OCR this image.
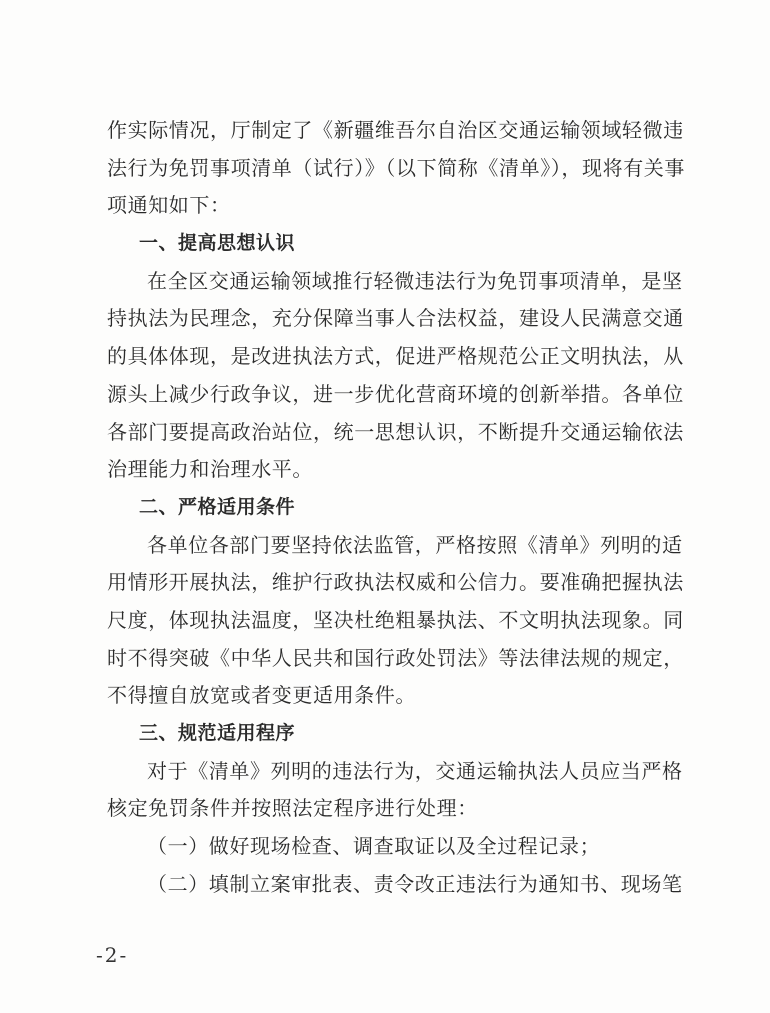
作实际情况，厅制定了《新疆维吾尔自治区交通运输领域轻微违
法行为免罚事项清单（试行）》（以下简称《清单》），现将有关事
项通知如下：
一、提高思想认识
在全区交通运输领域推行轻微违法行为免罚事项清单，是坚
持执法为民理念，充分保障当事人合法权益，建设人民满意交通
的具体体现，是改进执法方式，促进严格规范公正文明执法，从
源头上减少行政争议，进一步优化营商环境的创新举措。各单位
各部门要提高政治站位，统一思想认识，不断提升交通运输依法
治理能力和治理水平。
二、严格适用条件
各单位各部门要坚持依法监管，严格按照《清单》列明的适
用情形开展执法，维护行政执法权威和公信力。要准确把握执法
尺度，体现执法温度，坚决杜绝粗暴执法、不文明执法现象。同
时不得突破《中华人民共和国行政处罚法》等法律法规的规定，
不得擅自放宽或者变更适用条件。
三、规范适用程序
对于《清单》列明的违法行为，交通运输执法人员应当严格
核定免罚条件并按照法定程序进行处理：
（一）做好现场检查、调查取证以及全过程记录；
（二）填制立案审批表、责令改正违法行为通知书、现场笔
-2-
